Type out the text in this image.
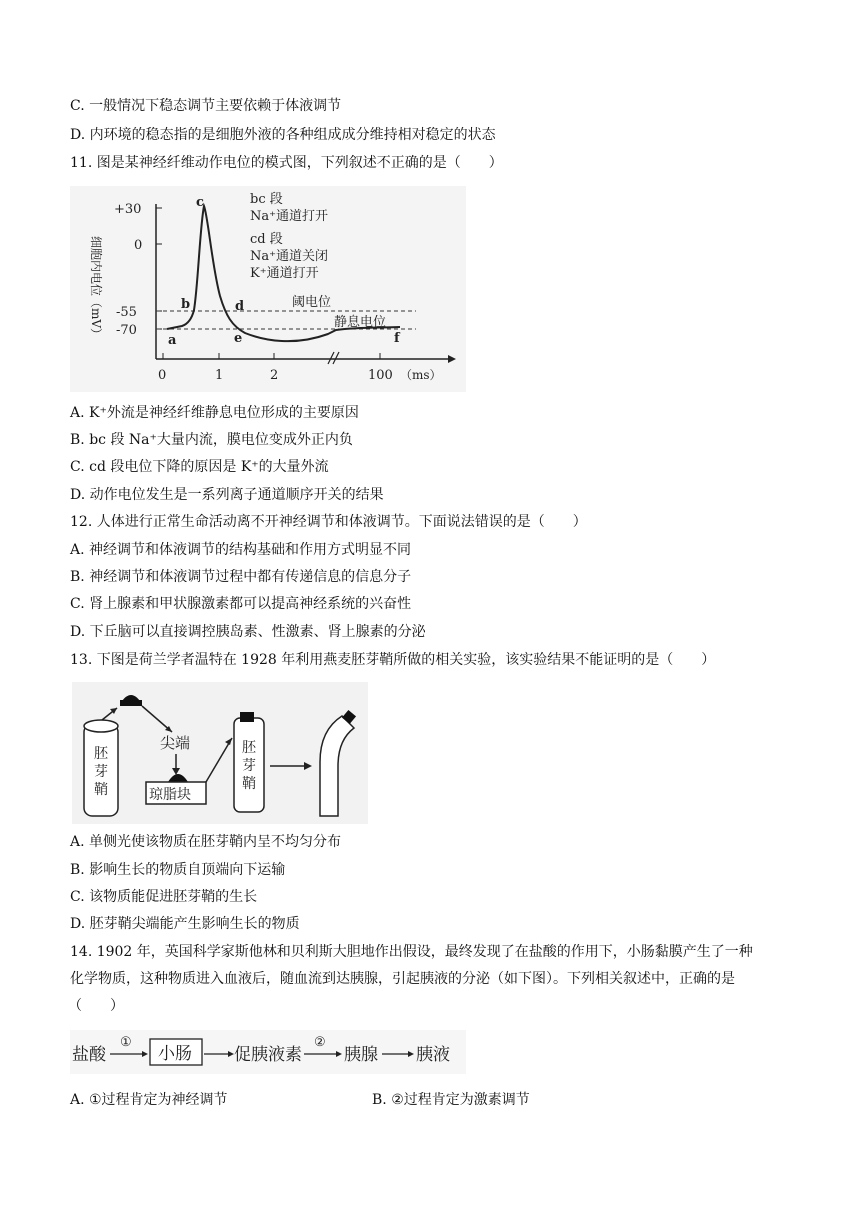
C. 一般情况下稳态调节主要依赖于体液调节
D. 内环境的稳态指的是细胞外液的各种组成成分维持相对稳定的状态
11. 图是某神经纤维动作电位的模式图，下列叙述不正确的是（　　）
+30
0
-55
-70
细胞内电位（mV）
0	1	2	100 （ms）
a
b
c
d
e	f
bc 段
Na⁺通道打开
cd 段
Na⁺通道关闭
K⁺通道打开
阈电位
静息电位
A. K⁺外流是神经纤维静息电位形成的主要原因
B. bc 段 Na⁺大量内流，膜电位变成外正内负
C. cd 段电位下降的原因是 K⁺的大量外流
D. 动作电位发生是一系列离子通道顺序开关的结果
12. 人体进行正常生命活动离不开神经调节和体液调节。下面说法错误的是（　　）
A. 神经调节和体液调节的结构基础和作用方式明显不同
B. 神经调节和体液调节过程中都有传递信息的信息分子
C. 肾上腺素和甲状腺激素都可以提高神经系统的兴奋性
D. 下丘脑可以直接调控胰岛素、性激素、肾上腺素的分泌
13. 下图是荷兰学者温特在 1928 年利用燕麦胚芽鞘所做的相关实验，该实验结果不能证明的是（　　）
胚芽鞘
尖端
琼脂块
胚芽鞘
A. 单侧光使该物质在胚芽鞘内呈不均匀分布
B. 影响生长的物质自顶端向下运输
C. 该物质能促进胚芽鞘的生长
D. 胚芽鞘尖端能产生影响生长的物质
14. 1902 年，英国科学家斯他林和贝利斯大胆地作出假设，最终发现了在盐酸的作用下，小肠黏膜产生了一种
化学物质，这种物质进入血液后，随血流到达胰腺，引起胰液的分泌（如下图）。下列相关叙述中，正确的是
（　　）
盐酸
①
小肠 促胰液素
②
胰腺 胰液
A. ①过程肯定为神经调节	B. ②过程肯定为激素调节
